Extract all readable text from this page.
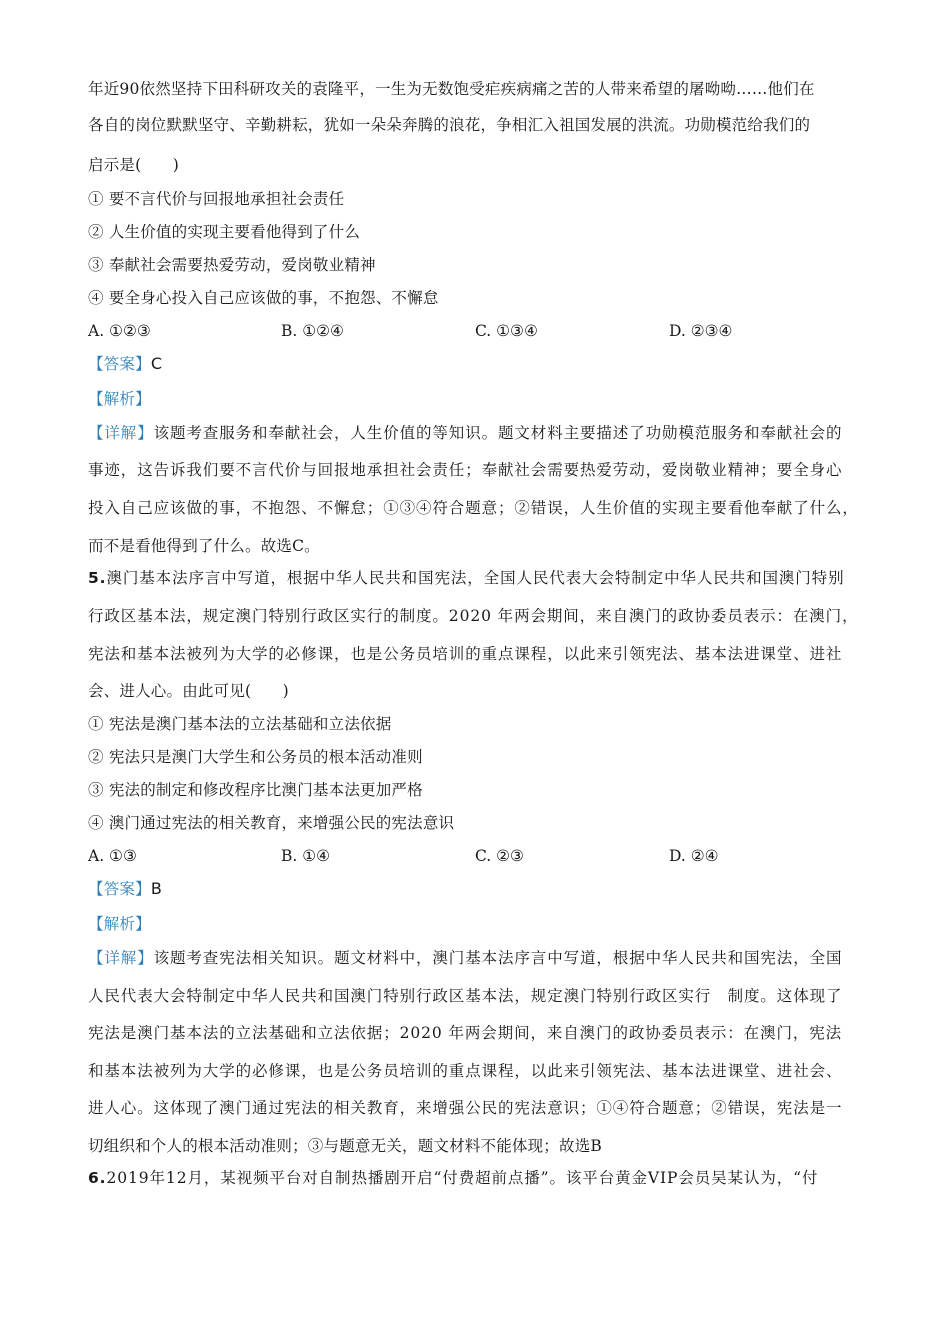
年近90依然坚持下田科研攻关的袁隆平，一生为无数饱受疟疾病痛之苦的人带来希望的屠呦呦……他们在
各自的岗位默默坚守、辛勤耕耘，犹如一朵朵奔腾的浪花，争相汇入祖国发展的洪流。功勋模范给我们的
启示是(　　)
① 要不言代价与回报地承担社会责任
② 人生价值的实现主要看他得到了什么
③ 奉献社会需要热爱劳动，爱岗敬业精神
④ 要全身心投入自己应该做的事，不抱怨、不懈怠
A. ①②③	B. ①②④	C. ①③④	D. ②③④
【答案】C
【解析】
【详解】该题考查服务和奉献社会，人生价值的等知识。题文材料主要描述了功勋模范服务和奉献社会的
事迹，这告诉我们要不言代价与回报地承担社会责任；奉献社会需要热爱劳动，爱岗敬业精神；要全身心
投入自己应该做的事，不抱怨、不懈怠；①③④符合题意；②错误，人生价值的实现主要看他奉献了什么，
而不是看他得到了什么。故选C。
5.澳门基本法序言中写道，根据中华人民共和国宪法，全国人民代表大会特制定中华人民共和国澳门特别
行政区基本法，规定澳门特别行政区实行的制度。2020 年两会期间，来自澳门的政协委员表示：在澳门，
宪法和基本法被列为大学的必修课，也是公务员培训的重点课程，以此来引领宪法、基本法进课堂、进社
会、进人心。由此可见(　　)
① 宪法是澳门基本法的立法基础和立法依据
② 宪法只是澳门大学生和公务员的根本活动准则
③ 宪法的制定和修改程序比澳门基本法更加严格
④ 澳门通过宪法的相关教育，来增强公民的宪法意识
A. ①③	B. ①④	C. ②③	D. ②④
【答案】B
【解析】
【详解】该题考查宪法相关知识。题文材料中，澳门基本法序言中写道，根据中华人民共和国宪法，全国
人民代表大会特制定中华人民共和国澳门特别行政区基本法，规定澳门特别行政区实行　制度。这体现了
宪法是澳门基本法的立法基础和立法依据；2020 年两会期间，来自澳门的政协委员表示：在澳门，宪法
和基本法被列为大学的必修课，也是公务员培训的重点课程，以此来引领宪法、基本法进课堂、进社会、
进人心。这体现了澳门通过宪法的相关教育，来增强公民的宪法意识；①④符合题意；②错误，宪法是一
切组织和个人的根本活动准则；③与题意无关，题文材料不能体现；故选B
6.2019年12月，某视频平台对自制热播剧开启“付费超前点播”。该平台黄金VIP会员吴某认为，“付
